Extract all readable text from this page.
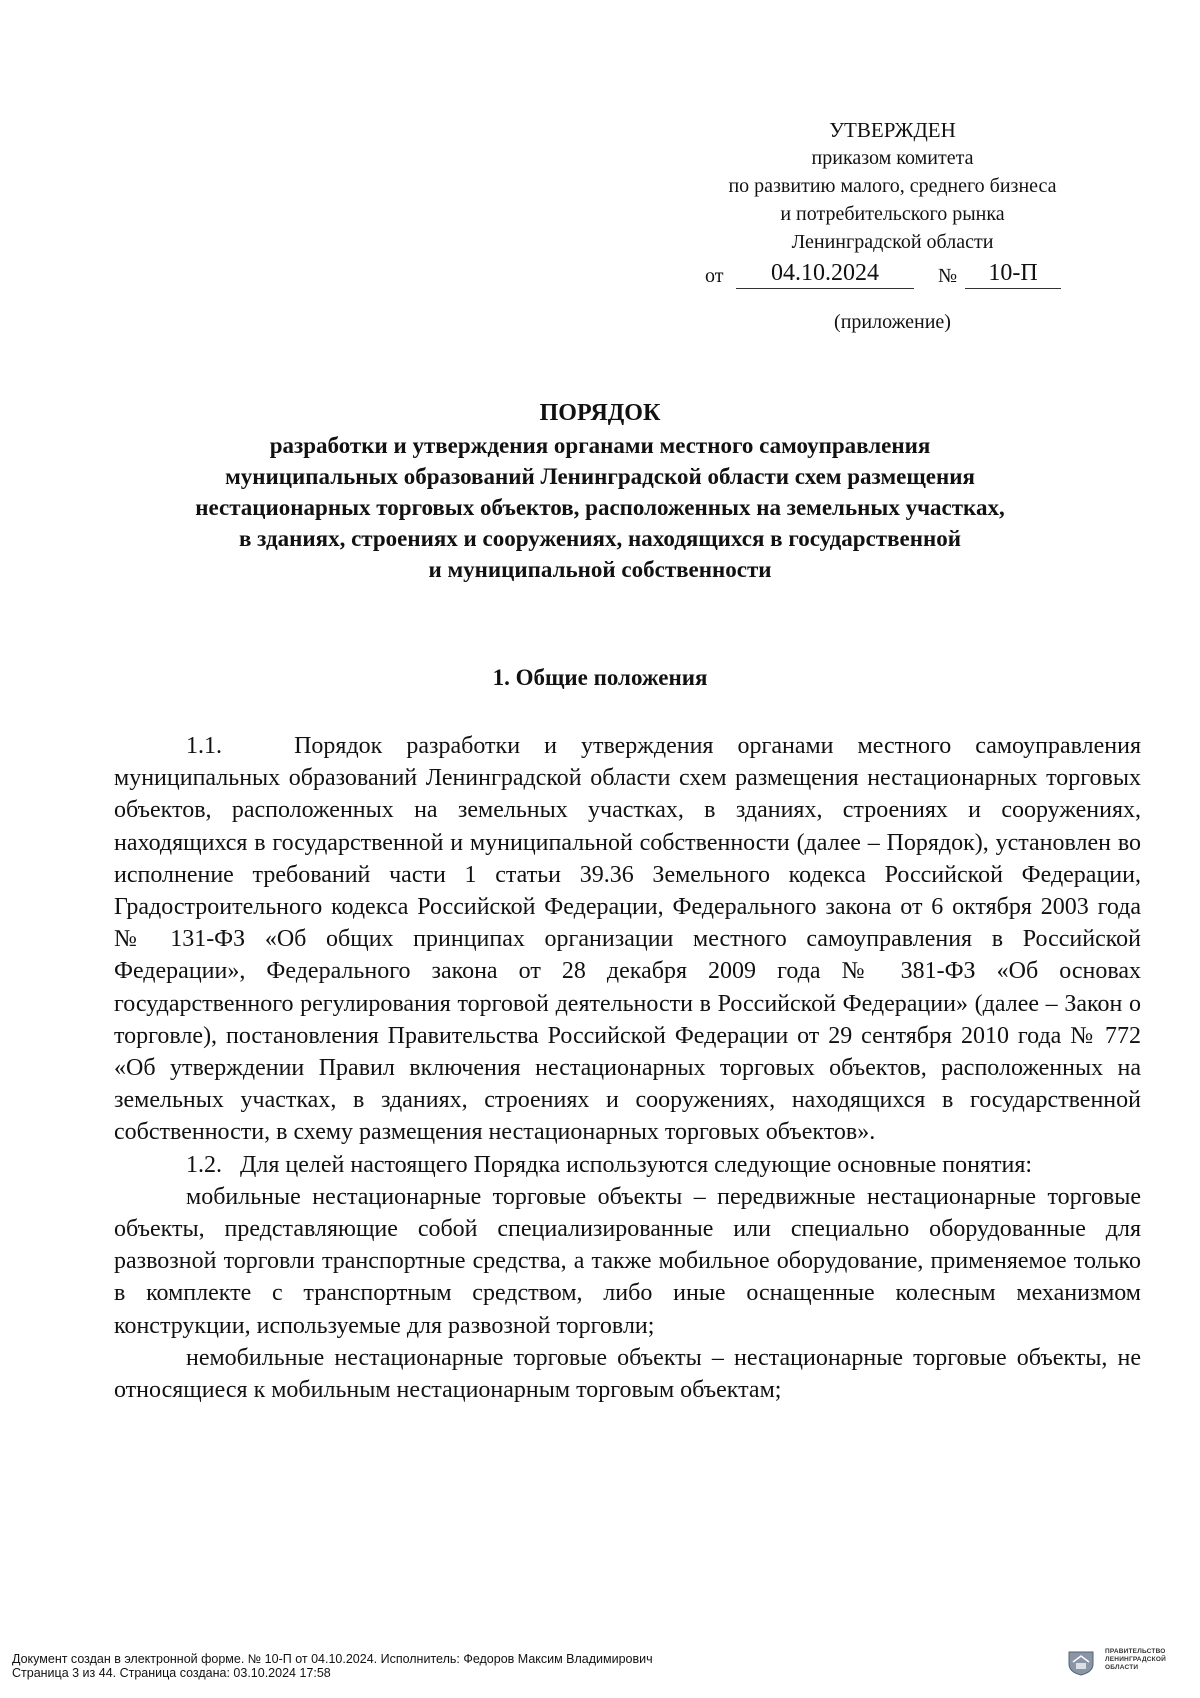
УТВЕРЖДЕН
приказом комитета
по развитию малого, среднего бизнеса
и потребительского рынка
Ленинградской области
от	04.10.2024	№	10-П
(приложение)
ПОРЯДОК
разработки и утверждения органами местного самоуправления
муниципальных образований Ленинградской области схем размещения
нестационарных торговых объектов, расположенных на земельных участках,
в зданиях, строениях и сооружениях, находящихся в государственной
и муниципальной собственности
1. Общие положения

1.1.   Порядок разработки и утверждения органами местного самоуправления муниципальных образований Ленинградской области схем размещения нестационарных торговых объектов, расположенных на земельных участках, в зданиях, строениях и сооружениях, находящихся в государственной и муниципальной собственности (далее – Порядок), установлен во исполнение требований части 1 статьи 39.36 Земельного кодекса Российской Федерации, Градостроительного кодекса Российской Федерации, Федерального закона от 6 октября 2003 года № 131-ФЗ «Об общих принципах организации местного самоуправления в Российской Федерации», Федерального закона от 28 декабря 2009 года № 381-ФЗ «Об основах государственного регулирования торговой деятельности в Российской Федерации» (далее – Закон о торговле), постановления Правительства Российской Федерации от 29 сентября 2010 года № 772 «Об утверждении Правил включения нестационарных торговых объектов, расположенных на земельных участках, в зданиях, строениях и сооружениях, находящихся в государственной собственности, в схему размещения нестационарных торговых объектов».

1.2.   Для целей настоящего Порядка используются следующие основные понятия:

мобильные нестационарные торговые объекты – передвижные нестационарные торговые объекты, представляющие собой специализированные или специально оборудованные для развозной торговли транспортные средства, а также мобильное оборудование, применяемое только в комплекте с транспортным средством, либо иные оснащенные колесным механизмом конструкции, используемые для развозной торговли;

немобильные нестационарные торговые объекты – нестационарные торговые объекты, не относящиеся к мобильным нестационарным торговым объектам;

Документ создан в электронной форме. № 10-П от 04.10.2024. Исполнитель: Федоров Максим Владимирович
Страница 3 из 44. Страница создана: 03.10.2024 17:58
ПРАВИТЕЛЬСТВО
ЛЕНИНГРАДСКОЙ
ОБЛАСТИ
